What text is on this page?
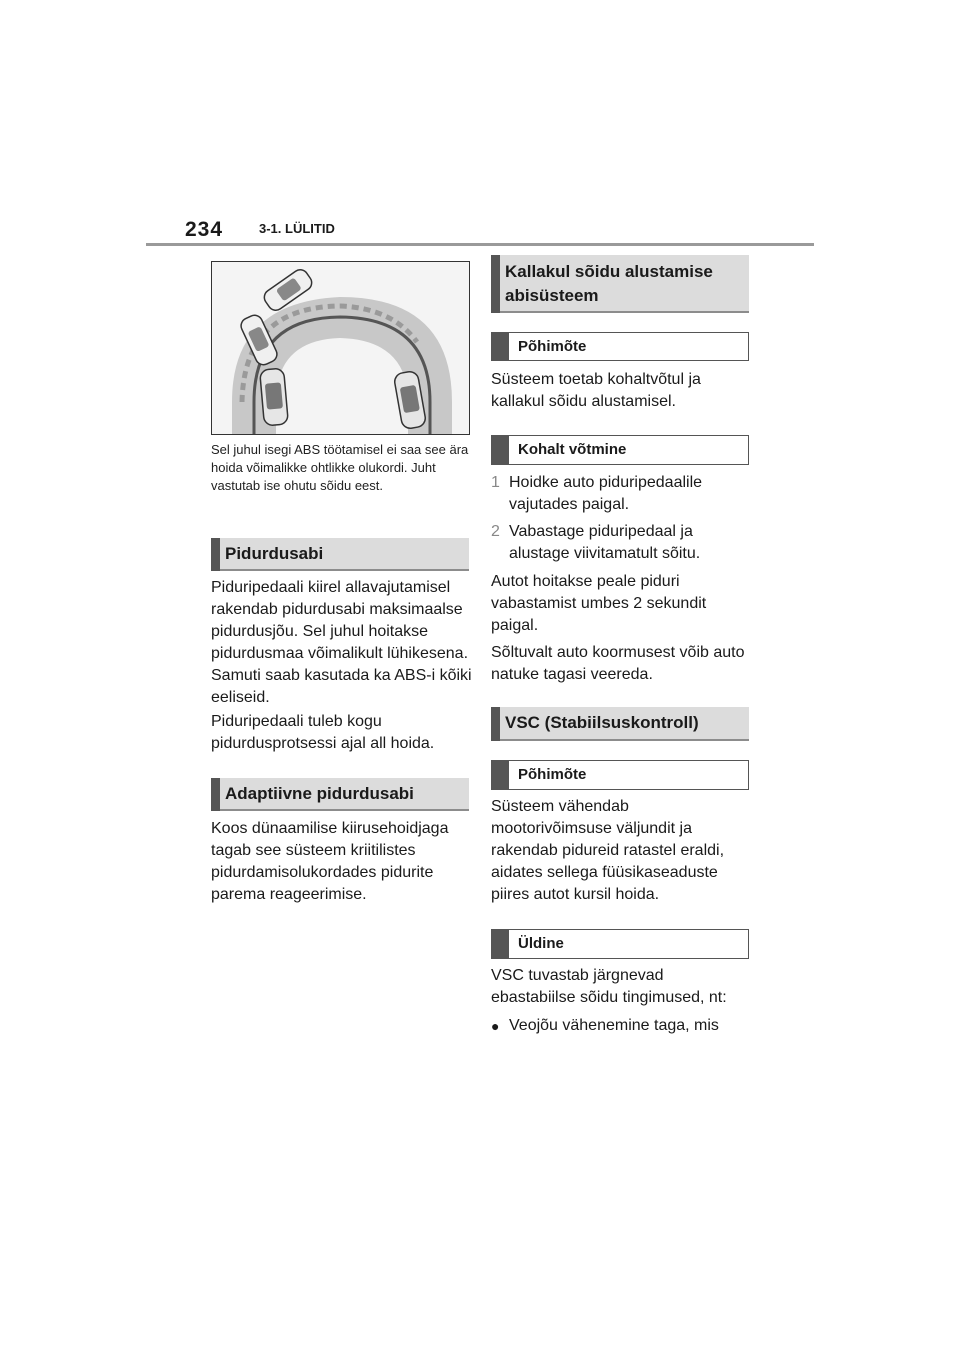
234	3-1. LÜLITID
Sel juhul isegi ABS töötamisel ei saa see ära hoida võimalikke ohtlikke olukordi. Juht vastutab ise ohutu sõidu eest.
Pidurdusabi
Piduripedaali kiirel allavajutamisel rakendab pidurdusabi maksimaalse pidurdusjõu. Sel juhul hoitakse pidurdusmaa võimalikult lühikesena. Samuti saab kasutada ka ABS-i kõiki eeliseid.
Piduripedaali tuleb kogu pidurdusprotsessi ajal all hoida.
Adaptiivne pidurdusabi
Koos dünaamilise kiirusehoidjaga tagab see süsteem kriitilistes pidurdamisolukordades pidurite parema reageerimise.
Kallakul sõidu alustamise abisüsteem
Põhimõte
Süsteem toetab kohaltvõtul ja kallakul sõidu alustamisel.
Kohalt võtmine
1 Hoidke auto piduripedaalile vajutades paigal.
2 Vabastage piduripedaal ja alustage viivitamatult sõitu.
Autot hoitakse peale piduri vabastamist umbes 2 sekundit paigal.
Sõltuvalt auto koormusest võib auto natuke tagasi veereda.
VSC (Stabiilsuskontroll)
Põhimõte
Süsteem vähendab mootorivõimsuse väljundit ja rakendab pidureid ratastel eraldi, aidates sellega füüsikaseaduste piires autot kursil hoida.
Üldine
VSC tuvastab järgnevad ebastabiilse sõidu tingimused, nt:
● Veojõu vähenemine taga, mis
